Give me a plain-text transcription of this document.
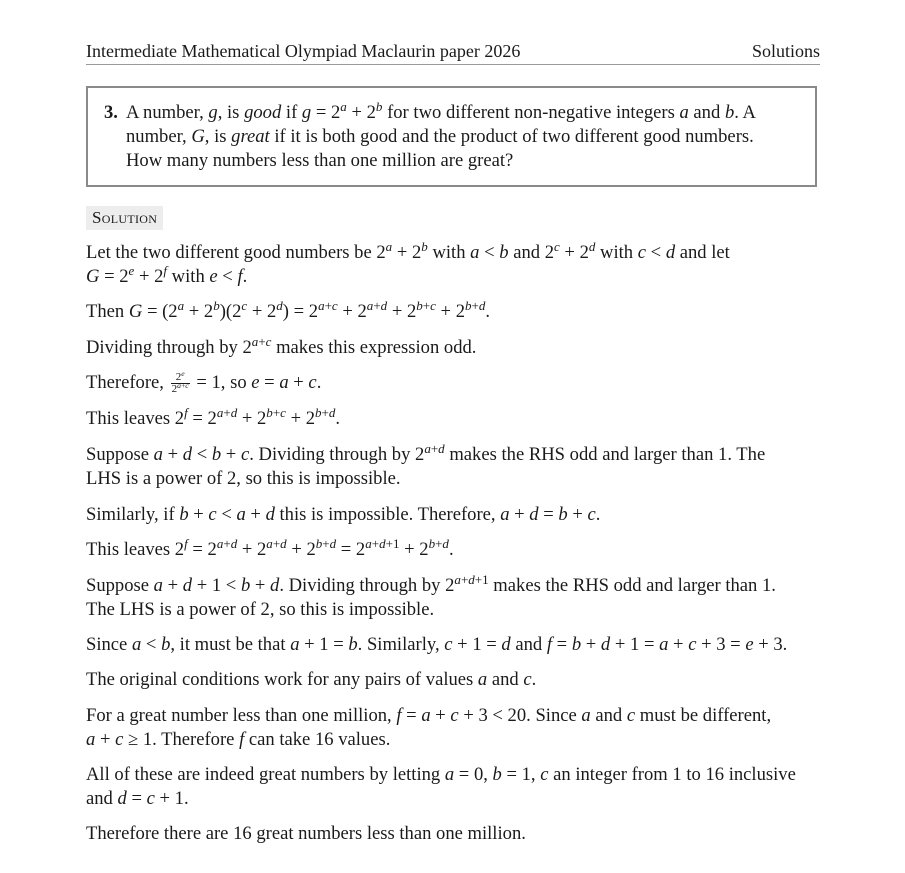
Intermediate Mathematical Olympiad Maclaurin paper 2026	Solutions
3. A number, g, is good if $g = 2^a + 2^b$ for two different non-negative integers a and b. A
number, G, is great if it is both good and the product of two different good numbers.
How many numbers less than one million are great?
Solution
Let the two different good numbers be $2^a + 2^b$ with a < b and $2^c + 2^d$ with c < d and let
$G = 2^e + 2^f$ with e < f.
Then $G = (2^a + 2^b)(2^c + 2^d) = 2^{a+c} + 2^{a+d} + 2^{b+c} + 2^{b+d}$.
Dividing through by $2^{a+c}$ makes this expression odd.
Therefore, $\frac{2^e}{2^{a+c}} = 1$, so e = a + c.
This leaves $2^f = 2^{a+d} + 2^{b+c} + 2^{b+d}$.
Suppose a + d < b + c. Dividing through by $2^{a+d}$ makes the RHS odd and larger than 1. The
LHS is a power of 2, so this is impossible.
Similarly, if b + c < a + d this is impossible. Therefore, a + d = b + c.
This leaves $2^f = 2^{a+d} + 2^{a+d} + 2^{b+d} = 2^{a+d+1} + 2^{b+d}$.
Suppose a + d + 1 < b + d. Dividing through by $2^{a+d+1}$ makes the RHS odd and larger than 1.
The LHS is a power of 2, so this is impossible.
Since a < b, it must be that a + 1 = b. Similarly, c + 1 = d and f = b + d + 1 = a + c + 3 = e + 3.
The original conditions work for any pairs of values a and c.
For a great number less than one million, f = a + c + 3 < 20. Since a and c must be different,
a + c ≥ 1. Therefore f can take 16 values.
All of these are indeed great numbers by letting a = 0, b = 1, c an integer from 1 to 16 inclusive
and d = c + 1.
Therefore there are 16 great numbers less than one million.
